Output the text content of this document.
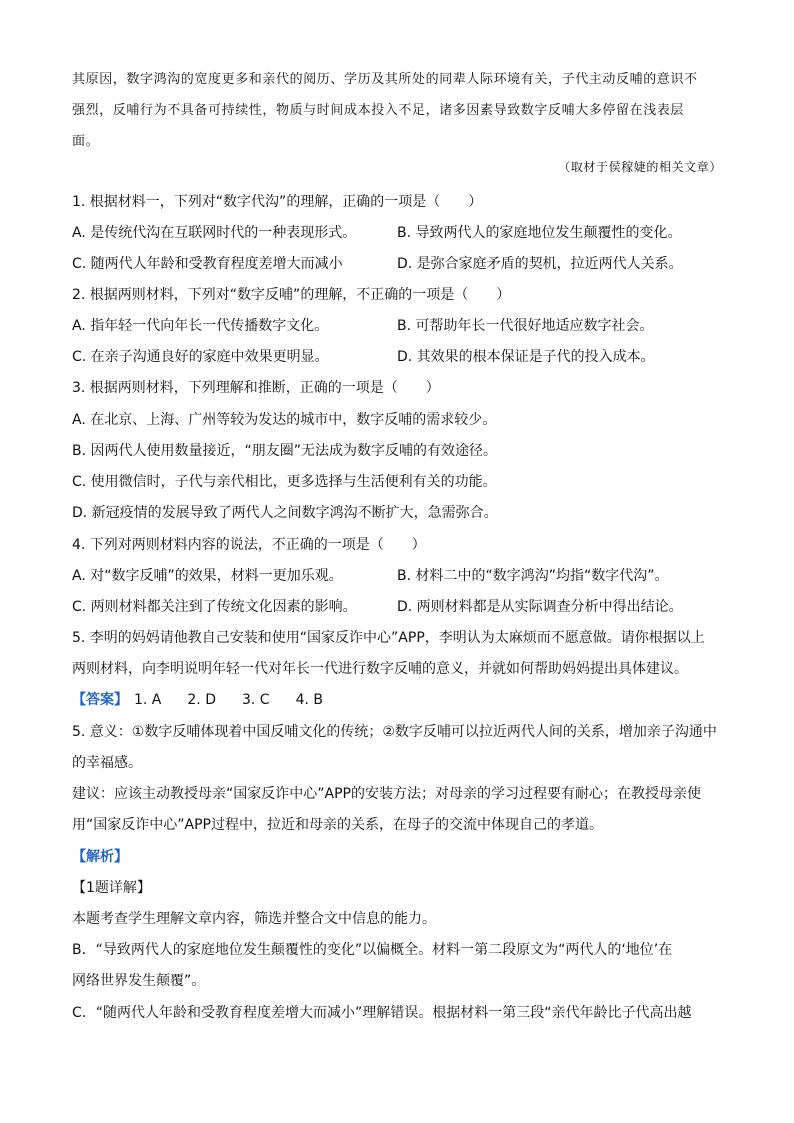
其原因，数字鸿沟的宽度更多和亲代的阅历、学历及其所处的同辈人际环境有关，子代主动反哺的意识不

强烈，反哺行为不具备可持续性，物质与时间成本投入不足，诸多因素导致数字反哺大多停留在浅表层

面。

（取材于侯稼婕的相关文章）
1. 根据材料一，下列对“数字代沟”的理解，正确的一项是（　　）
A. 是传统代沟在互联网时代的一种表现形式。	B. 导致两代人的家庭地位发生颠覆性的变化。
C. 随两代人年龄和受教育程度差增大而减小	D. 是弥合家庭矛盾的契机，拉近两代人关系。
2. 根据两则材料，下列对“数字反哺”的理解，不正确的一项是（　　）
A. 指年轻一代向年长一代传播数字文化。	B. 可帮助年长一代很好地适应数字社会。
C. 在亲子沟通良好的家庭中效果更明显。	D. 其效果的根本保证是子代的投入成本。
3. 根据两则材料，下列理解和推断，正确的一项是（　　）
A. 在北京、上海、广州等较为发达的城市中，数字反哺的需求较少。
B. 因两代人使用数量接近，“朋友圈”无法成为数字反哺的有效途径。
C. 使用微信时，子代与亲代相比，更多选择与生活便利有关的功能。
D. 新冠疫情的发展导致了两代人之间数字鸿沟不断扩大，急需弥合。
4. 下列对两则材料内容的说法，不正确的一项是（　　）
A. 对“数字反哺”的效果，材料一更加乐观。	B. 材料二中的“数字鸿沟”均指“数字代沟”。
C. 两则材料都关注到了传统文化因素的影响。	D. 两则材料都是从实际调查分析中得出结论。
5. 李明的妈妈请他教自己安装和使用“国家反诈中心”APP，李明认为太麻烦而不愿意做。请你根据以上
两则材料，向李明说明年轻一代对年长一代进行数字反哺的意义，并就如何帮助妈妈提出具体建议。
【答案】 1. A 2. D 3. C 4. B
5. 意义：①数字反哺体现着中国反哺文化的传统；②数字反哺可以拉近两代人间的关系，增加亲子沟通中
的幸福感。
建议：应该主动教授母亲“国家反诈中心”APP的安装方法；对母亲的学习过程要有耐心；在教授母亲使
用“国家反诈中心”APP过程中，拉近和母亲的关系，在母子的交流中体现自己的孝道。
【解析】
【1题详解】
本题考查学生理解文章内容，筛选并整合文中信息的能力。
B．“导致两代人的家庭地位发生颠覆性的变化”以偏概全。材料一第二段原文为“两代人的‘地位’在
网络世界发生颠覆”。
C．“随两代人年龄和受教育程度差增大而减小”理解错误。根据材料一第三段“亲代年龄比子代高出越
